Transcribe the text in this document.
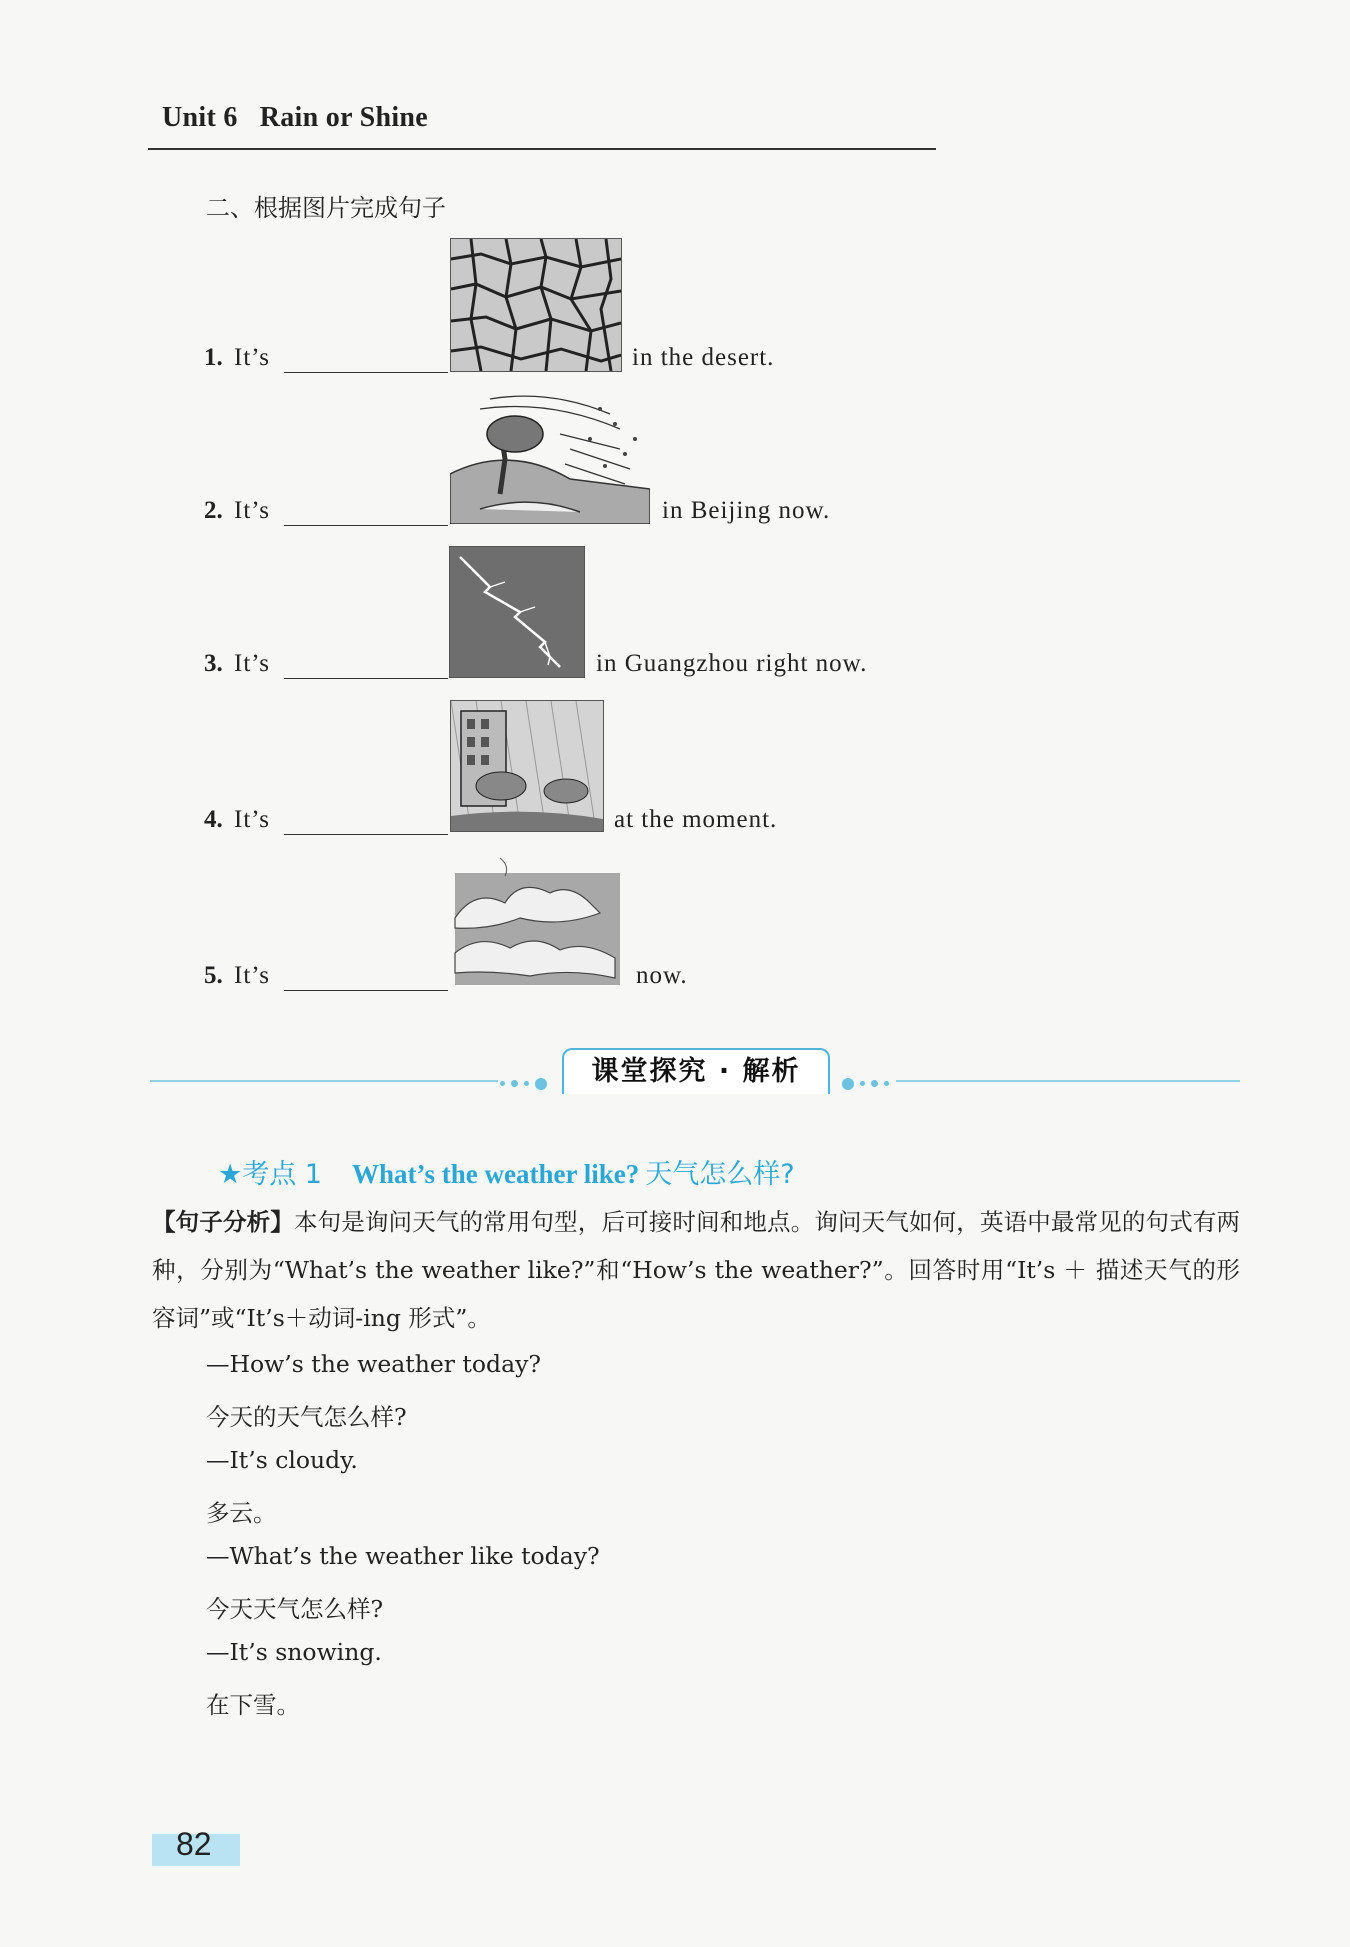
Unit 6 Rain or Shine
二、根据图片完成句子
1. It’s	in the desert.
2. It’s	in Beijing now.
3. It’s	in Guangzhou right now.
4. It’s	at the moment.
5. It’s	now.
课堂探究 · 解析
★考点 1 What’s the weather like? 天气怎么样?
【句子分析】本句是询问天气的常用句型，后可接时间和地点。询问天气如何，英语中最常见的句式有两种，分别为“What’s the weather like?”和“How’s the weather?”。回答时用“It’s ＋ 描述天气的形容词”或“It’s＋动词-ing 形式”。
—How’s the weather today?
今天的天气怎么样?
—It’s cloudy.
多云。
—What’s the weather like today?
今天天气怎么样?
—It’s snowing.
在下雪。
82
